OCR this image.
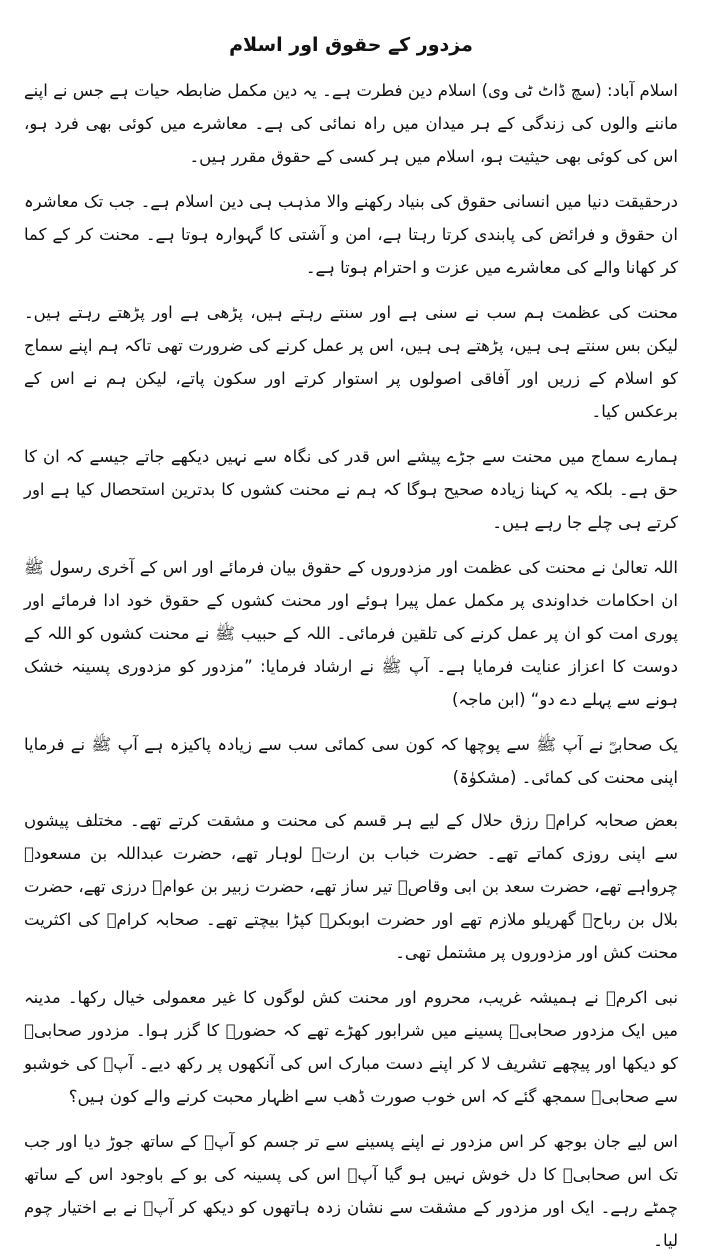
مزدور کے حقوق اور اسلام

اسلام آباد: (سچ ڈاٹ ٹی وی) اسلام دین فطرت ہے۔ یہ دین مکمل ضابطہ حیات ہے جس نے اپنے ماننے والوں کی زندگی کے ہر میدان میں راہ نمائی کی ہے۔ معاشرے میں کوئی بھی فرد ہو، اس کی کوئی بھی حیثیت ہو، اسلام میں ہر کسی کے حقوق مقرر ہیں۔

درحقیقت دنیا میں انسانی حقوق کی بنیاد رکھنے والا مذہب ہی دین اسلام ہے۔ جب تک معاشرہ ان حقوق و فرائض کی پابندی کرتا رہتا ہے، امن و آشتی کا گہوارہ ہوتا ہے۔ محنت کر کے کما کر کھانا والے کی معاشرے میں عزت و احترام ہوتا ہے۔

محنت کی عظمت ہم سب نے سنی ہے اور سنتے رہتے ہیں، پڑھی ہے اور پڑھتے رہتے ہیں۔ لیکن بس سنتے ہی ہیں، پڑھتے ہی ہیں، اس پر عمل کرنے کی ضرورت تھی تاکہ ہم اپنے سماج کو اسلام کے زریں اور آفاقی اصولوں پر استوار کرتے اور سکون پاتے، لیکن ہم نے اس کے برعکس کیا۔

ہمارے سماج میں محنت سے جڑے پیشے اس قدر کی نگاہ سے نہیں دیکھے جاتے جیسے کہ ان کا حق ہے۔ بلکہ یہ کہنا زیادہ صحیح ہوگا کہ ہم نے محنت کشوں کا بدترین استحصال کیا ہے اور کرتے ہی چلے جا رہے ہیں۔

اللہ تعالیٰ نے محنت کی عظمت اور مزدوروں کے حقوق بیان فرمائے اور اس کے آخری رسول ﷺ ان احکامات خداوندی پر مکمل عمل پیرا ہوئے اور محنت کشوں کے حقوق خود ادا فرمائے اور پوری امت کو ان پر عمل کرنے کی تلقین فرمائی۔ اللہ کے حبیب ﷺ نے محنت کشوں کو اللہ کے دوست کا اعزاز عنایت فرمایا ہے۔ آپ ﷺ نے ارشاد فرمایا: ”مزدور کو مزدوری پسینہ خشک ہونے سے پہلے دے دو“ (ابن ماجہ)

یک صحابیؓ نے آپ ﷺ سے پوچھا کہ کون سی کمائی سب سے زیادہ پاکیزہ ہے آپ ﷺ نے فرمایا اپنی محنت کی کمائی۔ (مشکوٰۃ)

بعض صحابہ کرامؓ رزق حلال کے لیے ہر قسم کی محنت و مشقت کرتے تھے۔ مختلف پیشوں سے اپنی روزی کماتے تھے۔ حضرت خباب بن ارتؓ لوہار تھے، حضرت عبداللہ بن مسعودؓ چرواہے تھے، حضرت سعد بن ابی وقاصؓ تیر ساز تھے، حضرت زبیر بن عوامؓ درزی تھے، حضرت بلال بن رباحؓ گھریلو ملازم تھے اور حضرت ابوبکرؓ کپڑا بیچتے تھے۔ صحابہ کرامؓ کی اکثریت محنت کش اور مزدوروں پر مشتمل تھی۔

نبی اکرمؐ نے ہمیشہ غریب، محروم اور محنت کش لوگوں کا غیر معمولی خیال رکھا۔ مدینہ میں ایک مزدور صحابیؓ پسینے میں شرابور کھڑے تھے کہ حضورؐ کا گزر ہوا۔ مزدور صحابیؓ کو دیکھا اور پیچھے تشریف لا کر اپنے دست مبارک اس کی آنکھوں پر رکھ دیے۔ آپؐ کی خوشبو سے صحابیؓ سمجھ گئے کہ اس خوب صورت ڈھب سے اظہار محبت کرنے والے کون ہیں؟

اس لیے جان بوجھ کر اس مزدور نے اپنے پسینے سے تر جسم کو آپؐ کے ساتھ جوڑ دیا اور جب تک اس صحابیؓ کا دل خوش نہیں ہو گیا آپؐ اس کی پسینہ کی بو کے باوجود اس کے ساتھ چمٹے رہے۔ ایک اور مزدور کے مشقت سے نشان زدہ ہاتھوں کو دیکھ کر آپؐ نے بے اختیار چوم لیا۔
